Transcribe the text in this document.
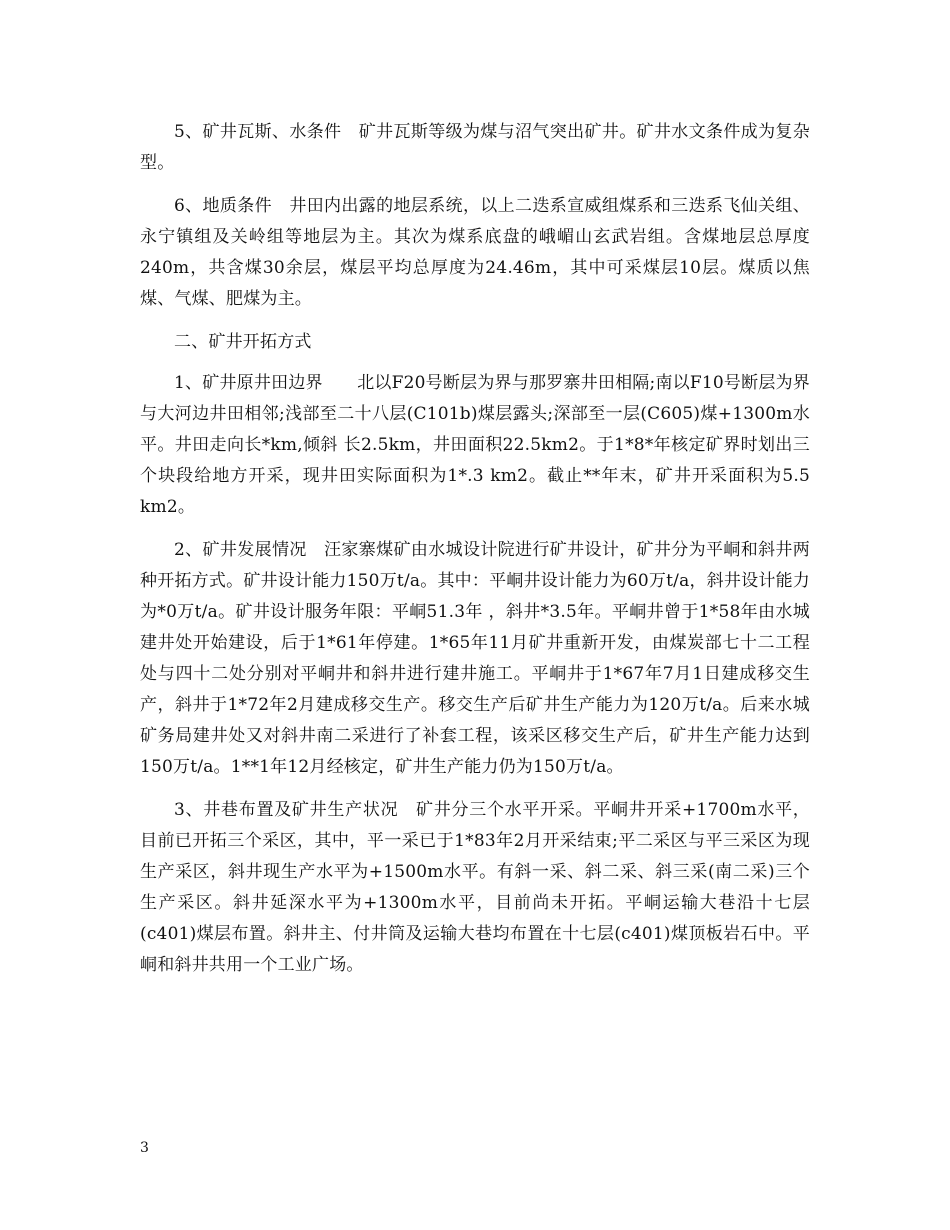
5、矿井瓦斯、水条件　矿井瓦斯等级为煤与沼气突出矿井。矿井水文条件成为复杂型。

6、地质条件　井田内出露的地层系统，以上二迭系宣威组煤系和三迭系飞仙关组、永宁镇组及关岭组等地层为主。其次为煤系底盘的峨嵋山玄武岩组。含煤地层总厚度240m，共含煤30余层，煤层平均总厚度为24.46m，其中可采煤层10层。煤质以焦煤、气煤、肥煤为主。

二、矿井开拓方式

1、矿井原井田边界　　北以F20号断层为界与那罗寨井田相隔;南以F10号断层为界与大河边井田相邻;浅部至二十八层(C101b)煤层露头;深部至一层(C605)煤+1300m水平。井田走向长*km,倾斜 长2.5km，井田面积22.5km2。于1*8*年核定矿界时划出三个块段给地方开采，现井田实际面积为1*.3 km2。截止**年末，矿井开采面积为5.5 km2。

2、矿井发展情况　汪家寨煤矿由水城设计院进行矿井设计，矿井分为平峒和斜井两种开拓方式。矿井设计能力150万t/a。其中：平峒井设计能力为60万t/a，斜井设计能力为*0万t/a。矿井设计服务年限：平峒51.3年 ，斜井*3.5年。平峒井曾于1*58年由水城建井处开始建设，后于1*61年停建。1*65年11月矿井重新开发，由煤炭部七十二工程处与四十二处分别对平峒井和斜井进行建井施工。平峒井于1*67年7月1日建成移交生产，斜井于1*72年2月建成移交生产。移交生产后矿井生产能力为120万t/a。后来水城矿务局建井处又对斜井南二采进行了补套工程，该采区移交生产后，矿井生产能力达到150万t/a。1**1年12月经核定，矿井生产能力仍为150万t/a。

3、井巷布置及矿井生产状况　矿井分三个水平开采。平峒井开采+1700m水平，目前已开拓三个采区，其中，平一采已于1*83年2月开采结束;平二采区与平三采区为现生产采区，斜井现生产水平为+1500m水平。有斜一采、斜二采、斜三采(南二采)三个生产采区。斜井延深水平为+1300m水平，目前尚未开拓。平峒运输大巷沿十七层(c401)煤层布置。斜井主、付井筒及运输大巷均布置在十七层(c401)煤顶板岩石中。平峒和斜井共用一个工业广场。

3
